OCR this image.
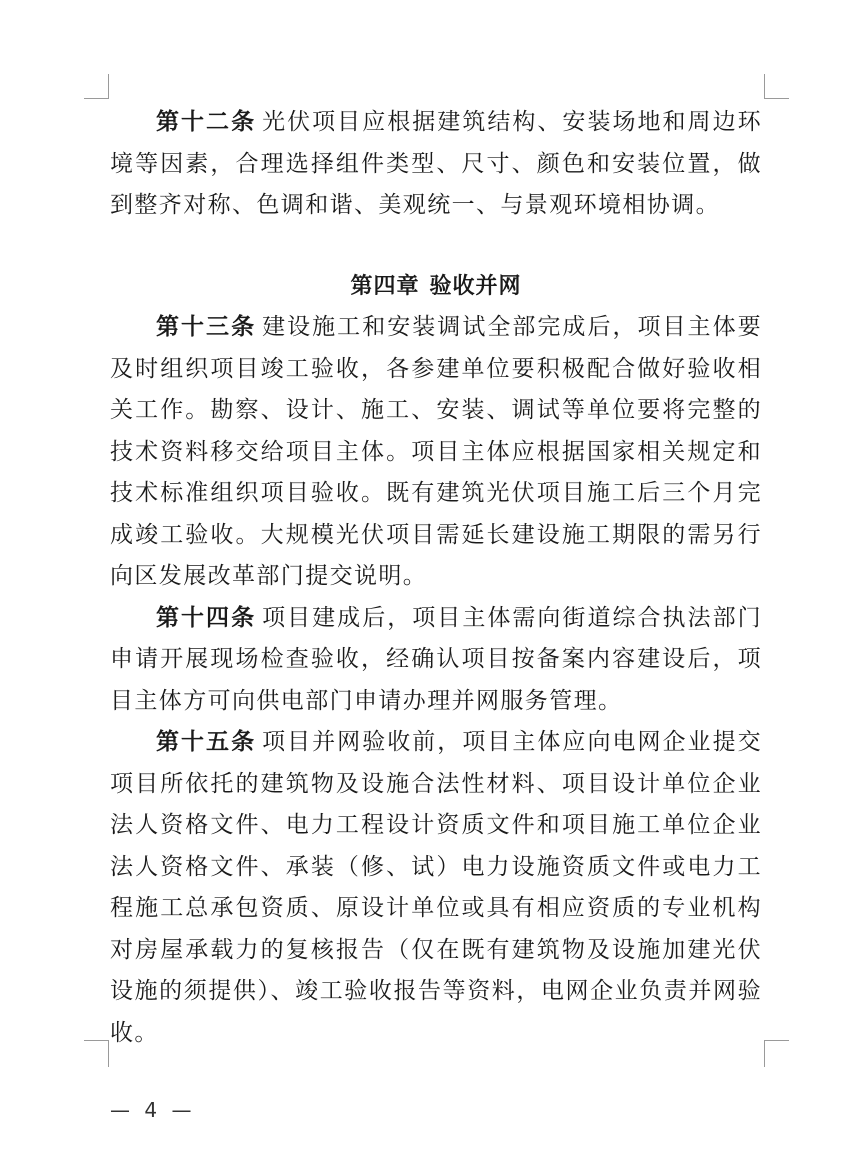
第十二条 光伏项目应根据建筑结构、安装场地和周边环境等因素，合理选择组件类型、尺寸、颜色和安装位置，做到整齐对称、色调和谐、美观统一、与景观环境相协调。

第四章 验收并网

第十三条 建设施工和安装调试全部完成后，项目主体要及时组织项目竣工验收，各参建单位要积极配合做好验收相关工作。勘察、设计、施工、安装、调试等单位要将完整的技术资料移交给项目主体。项目主体应根据国家相关规定和技术标准组织项目验收。既有建筑光伏项目施工后三个月完成竣工验收。大规模光伏项目需延长建设施工期限的需另行向区发展改革部门提交说明。

第十四条 项目建成后，项目主体需向街道综合执法部门申请开展现场检查验收，经确认项目按备案内容建设后，项目主体方可向供电部门申请办理并网服务管理。

第十五条 项目并网验收前，项目主体应向电网企业提交项目所依托的建筑物及设施合法性材料、项目设计单位企业法人资格文件、电力工程设计资质文件和项目施工单位企业法人资格文件、承装（修、试）电力设施资质文件或电力工程施工总承包资质、原设计单位或具有相应资质的专业机构对房屋承载力的复核报告（仅在既有建筑物及设施加建光伏设施的须提供）、竣工验收报告等资料，电网企业负责并网验收。

— 4 —
